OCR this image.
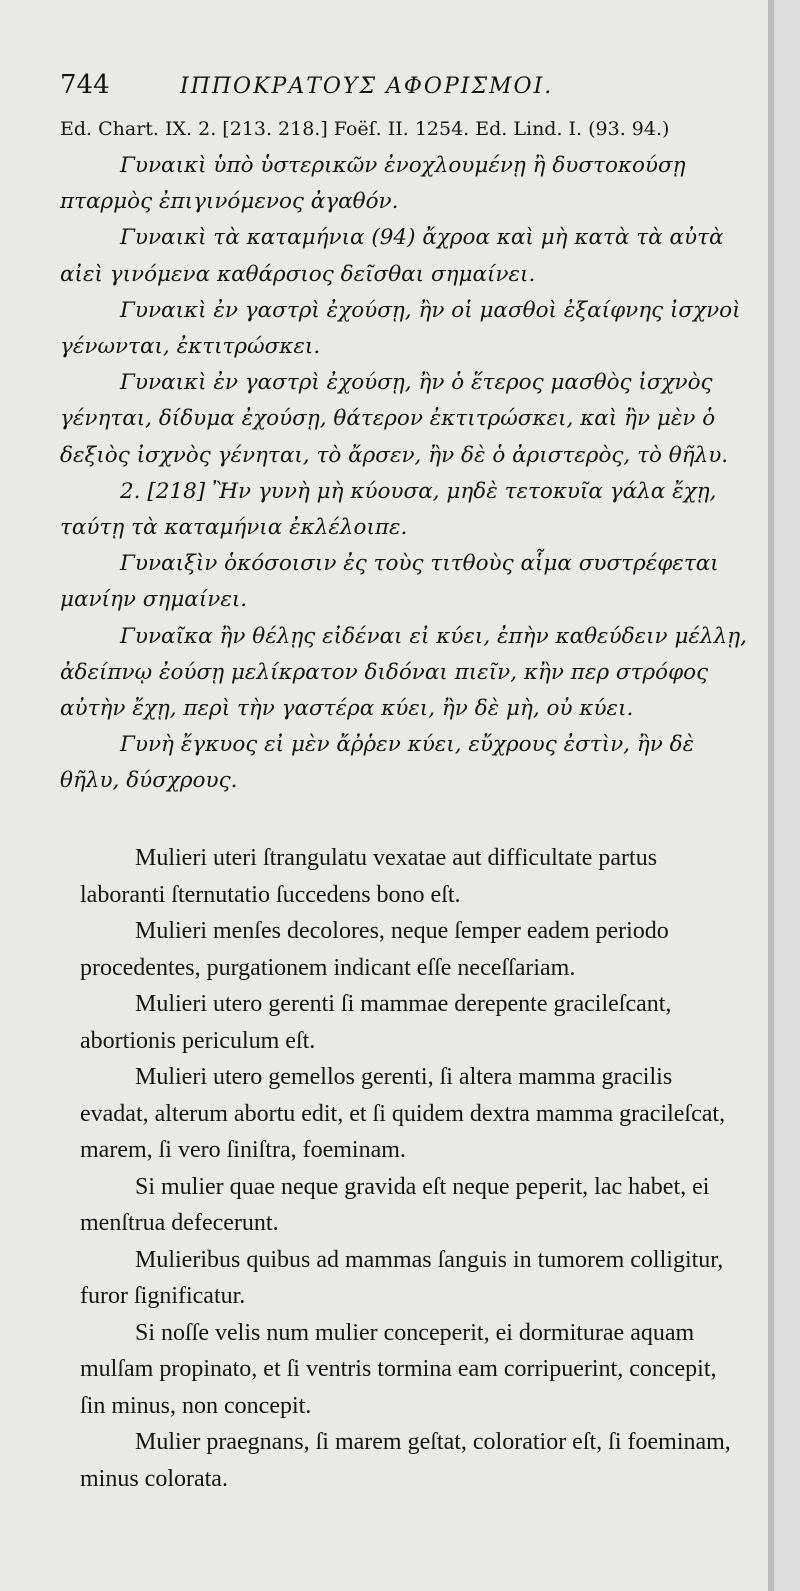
744	ΙΠΠΟΚΡΑΤΟΥΣ ΑΦΟΡΙΣΜΟΙ.
Ed. Chart. IX. 2. [213. 218.] Foëſ. II. 1254. Ed. Lind. I. (93. 94.)

Γυναικὶ ὑπὸ ὑστερικῶν ἐνοχλουμένῃ ἢ δυστοκούσῃ πταρμὸς ἐπιγινόμενος ἀγαθόν.

Γυναικὶ τὰ καταμήνια (94) ἄχροα καὶ μὴ κατὰ τὰ αὐτὰ αἰεὶ γινόμενα καθάρσιος δεῖσθαι σημαίνει.

Γυναικὶ ἐν γαστρὶ ἐχούσῃ, ἢν οἱ μασθοὶ ἐξαίφνης ἰσχνοὶ γένωνται, ἐκτιτρώσκει.

Γυναικὶ ἐν γαστρὶ ἐχούσῃ, ἢν ὁ ἕτερος μασθὸς ἰσχνὸς γένηται, δίδυμα ἐχούσῃ, θάτερον ἐκτιτρώσκει, καὶ ἢν μὲν ὁ δεξιὸς ἰσχνὸς γένηται, τὸ ἄρσεν, ἢν δὲ ὁ ἀριστερὸς, τὸ θῆλυ.

2. [218] Ἢν γυνὴ μὴ κύουσα, μηδὲ τετοκυῖα γάλα ἔχῃ, ταύτῃ τὰ καταμήνια ἐκλέλοιπε.

Γυναιξὶν ὁκόσοισιν ἐς τοὺς τιτθοὺς αἷμα συστρέφεται μανίην σημαίνει.

Γυναῖκα ἢν θέλῃς εἰδέναι εἰ κύει, ἐπὴν καθεύδειν μέλλῃ, ἀδείπνῳ ἐούσῃ μελίκρατον διδόναι πιεῖν, κἢν περ στρόφος αὐτὴν ἔχῃ, περὶ τὴν γαστέρα κύει, ἢν δὲ μὴ, οὐ κύει.

Γυνὴ ἔγκυος εἰ μὲν ἄῤῥεν κύει, εὔχρους ἐστὶν, ἢν δὲ θῆλυ, δύσχρους.

Mulieri uteri ſtrangulatu vexatae aut difficultate partus laboranti ſternutatio ſuccedens bono eſt.

Mulieri menſes decolores, neque ſemper eadem periodo procedentes, purgationem indicant eſſe neceſſariam.

Mulieri utero gerenti ſi mammae derepente gracileſcant, abortionis periculum eſt.

Mulieri utero gemellos gerenti, ſi altera mamma gracilis evadat, alterum abortu edit, et ſi quidem dextra mamma gracileſcat, marem, ſi vero ſiniſtra, foeminam.

Si mulier quae neque gravida eſt neque peperit, lac habet, ei menſtrua defecerunt.

Mulieribus quibus ad mammas ſanguis in tumorem colligitur, furor ſignificatur.

Si noſſe velis num mulier conceperit, ei dormiturae aquam mulſam propinato, et ſi ventris tormina eam corripuerint, concepit, ſin minus, non concepit.

Mulier praegnans, ſi marem geſtat, coloratior eſt, ſi foeminam, minus colorata.
